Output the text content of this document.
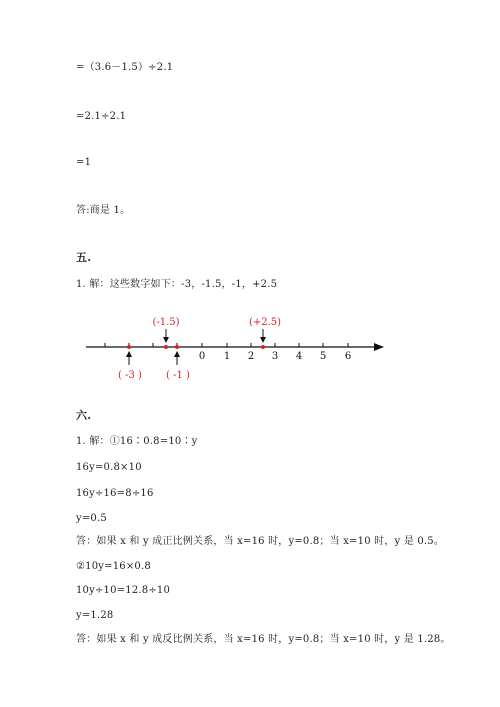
=（3.6－1.5）÷2.1
=2.1÷2.1
=1
答:商是 1。
五.
1. 解：这些数字如下：-3，-1.5，-1，+2.5
0 1 2 3 4 5 6
(-1.5)	(+2.5)
( -3 ) ( -1 )
六.
1. 解：①16∶0.8=10∶y
16y=0.8×10
16y÷16=8÷16
y=0.5
答：如果 x 和 y 成正比例关系，当 x=16 时，y=0.8；当 x=10 时，y 是 0.5。
②10y=16×0.8
10y÷10=12.8÷10
y=1.28
答：如果 x 和 y 成反比例关系，当 x=16 时，y=0.8；当 x=10 时，y 是 1.28。
